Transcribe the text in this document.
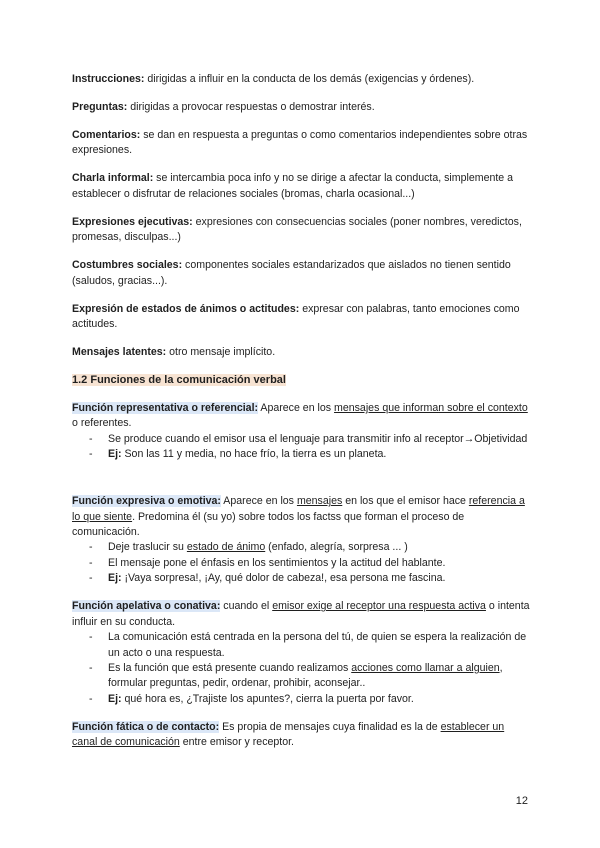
Instrucciones: dirigidas a influir en la conducta de los demás (exigencias y órdenes).

Preguntas: dirigidas a provocar respuestas o demostrar interés.

Comentarios: se dan en respuesta a preguntas o como comentarios independientes sobre otras expresiones.

Charla informal: se intercambia poca info y no se dirige a afectar la conducta, simplemente a establecer o disfrutar de relaciones sociales (bromas, charla ocasional...)

Expresiones ejecutivas: expresiones con consecuencias sociales (poner nombres, veredictos, promesas, disculpas...)

Costumbres sociales: componentes sociales estandarizados que aislados no tienen sentido (saludos, gracias...).

Expresión de estados de ánimos o actitudes: expresar con palabras, tanto emociones como actitudes.

Mensajes latentes: otro mensaje implícito.

1.2 Funciones de la comunicación verbal

Función representativa o referencial: Aparece en los mensajes que informan sobre el contexto o referentes.
- Se produce cuando el emisor usa el lenguaje para transmitir info al receptor→Objetividad
- Ej: Son las 11 y media, no hace frío, la tierra es un planeta.
Función expresiva o emotiva: Aparece en los mensajes en los que el emisor hace referencia a lo que siente. Predomina él (su yo) sobre todos los factss que forman el proceso de comunicación.
- Deje traslucir su estado de ánimo (enfado, alegría, sorpresa ... )
- El mensaje pone el énfasis en los sentimientos y la actitud del hablante.
- Ej: ¡Vaya sorpresa!, ¡Ay, qué dolor de cabeza!, esa persona me fascina.
Función apelativa o conativa: cuando el emisor exige al receptor una respuesta activa o intenta influir en su conducta.
- La comunicación está centrada en la persona del tú, de quien se espera la realización de un acto o una respuesta.
- Es la función que está presente cuando realizamos acciones como llamar a alguien, formular preguntas, pedir, ordenar, prohibir, aconsejar..
- Ej: qué hora es, ¿Trajiste los apuntes?, cierra la puerta por favor.
Función fática o de contacto: Es propia de mensajes cuya finalidad es la de establecer un canal de comunicación entre emisor y receptor.
12
